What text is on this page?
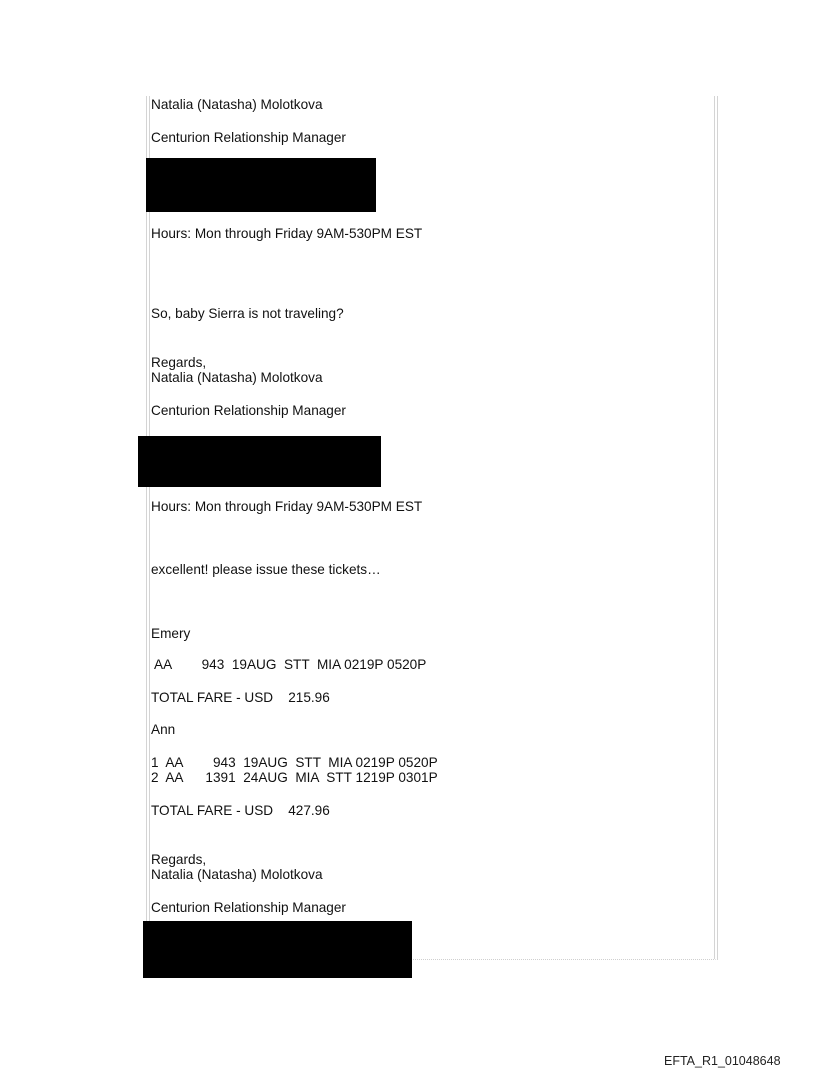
Natalia (Natasha) Molotkova

Centurion Relationship Manager

Hours: Mon through Friday 9AM-530PM EST

So, baby Sierra is not traveling?

Regards,

Natalia (Natasha) Molotkova

Centurion Relationship Manager

Hours: Mon through Friday 9AM-530PM EST

excellent! please issue these tickets…

Emery

AA        943  19AUG  STT  MIA 0219P 0520P

TOTAL FARE - USD    215.96

Ann

1  AA        943  19AUG  STT  MIA 0219P 0520P

2  AA      1391  24AUG  MIA  STT 1219P 0301P

TOTAL FARE - USD    427.96

Regards,

Natalia (Natasha) Molotkova

Centurion Relationship Manager

EFTA_R1_01048648
